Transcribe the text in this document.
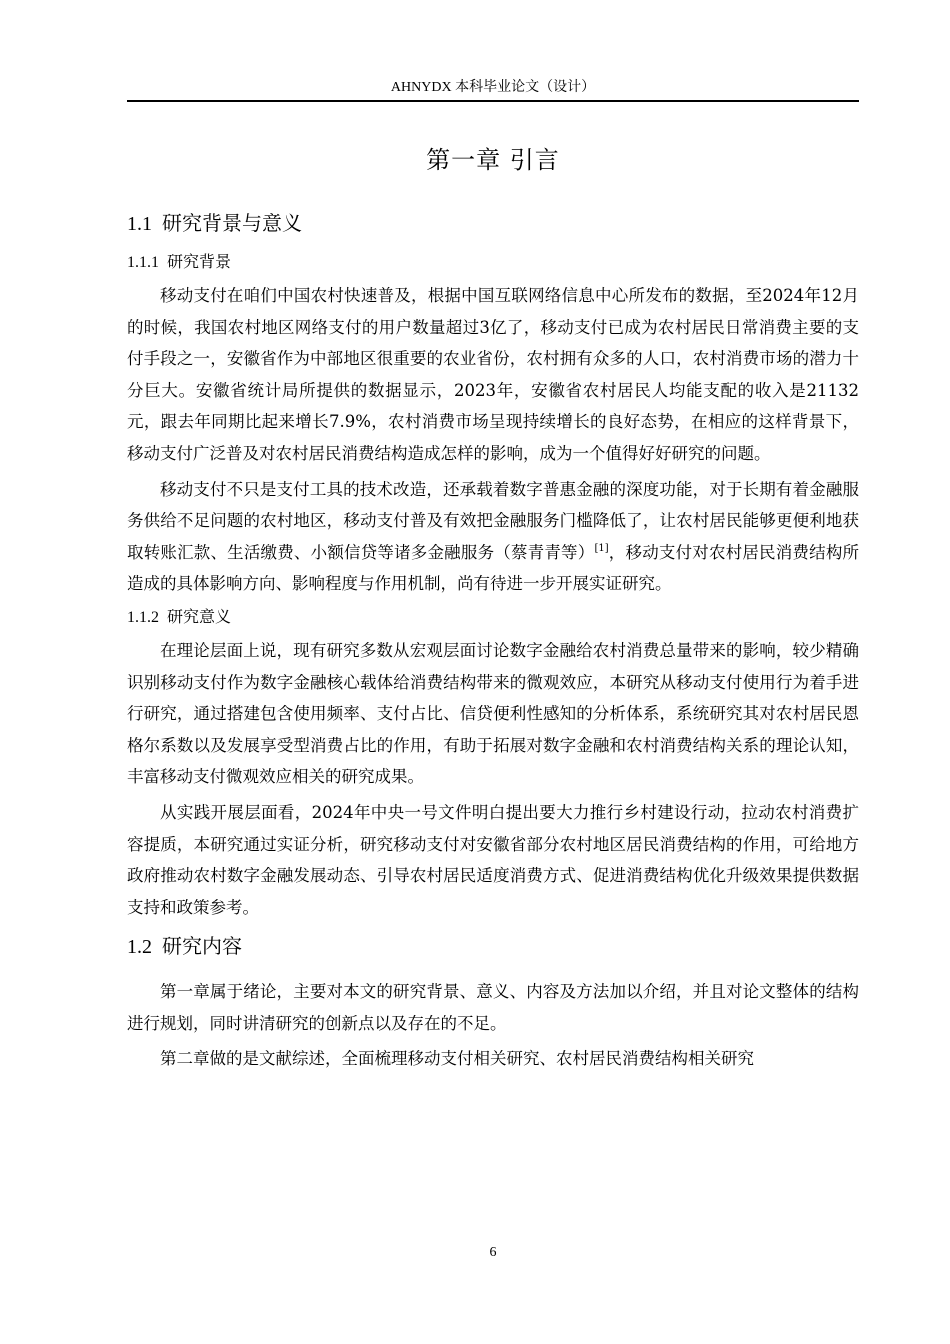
AHNYDX 本科毕业论文（设计）
第一章 引言
1.1 研究背景与意义
1.1.1 研究背景

移动支付在咱们中国农村快速普及，根据中国互联网络信息中心所发布的数据，至2024年12月的时候，我国农村地区网络支付的用户数量超过3亿了，移动支付已成为农村居民日常消费主要的支付手段之一，安徽省作为中部地区很重要的农业省份，农村拥有众多的人口，农村消费市场的潜力十分巨大。安徽省统计局所提供的数据显示，2023年，安徽省农村居民人均能支配的收入是21132元，跟去年同期比起来增长7.9%，农村消费市场呈现持续增长的良好态势，在相应的这样背景下，移动支付广泛普及对农村居民消费结构造成怎样的影响，成为一个值得好好研究的问题。

移动支付不只是支付工具的技术改造，还承载着数字普惠金融的深度功能，对于长期有着金融服务供给不足问题的农村地区，移动支付普及有效把金融服务门槛降低了，让农村居民能够更便利地获取转账汇款、生活缴费、小额信贷等诸多金融服务（蔡青青等）[1]，移动支付对农村居民消费结构所造成的具体影响方向、影响程度与作用机制，尚有待进一步开展实证研究。

1.1.2 研究意义

在理论层面上说，现有研究多数从宏观层面讨论数字金融给农村消费总量带来的影响，较少精确识别移动支付作为数字金融核心载体给消费结构带来的微观效应，本研究从移动支付使用行为着手进行研究，通过搭建包含使用频率、支付占比、信贷便利性感知的分析体系，系统研究其对农村居民恩格尔系数以及发展享受型消费占比的作用，有助于拓展对数字金融和农村消费结构关系的理论认知，丰富移动支付微观效应相关的研究成果。

从实践开展层面看，2024年中央一号文件明白提出要大力推行乡村建设行动，拉动农村消费扩容提质，本研究通过实证分析，研究移动支付对安徽省部分农村地区居民消费结构的作用，可给地方政府推动农村数字金融发展动态、引导农村居民适度消费方式、促进消费结构优化升级效果提供数据支持和政策参考。

1.2 研究内容

第一章属于绪论，主要对本文的研究背景、意义、内容及方法加以介绍，并且对论文整体的结构进行规划，同时讲清研究的创新点以及存在的不足。

第二章做的是文献综述，全面梳理移动支付相关研究、农村居民消费结构相关研究

6
